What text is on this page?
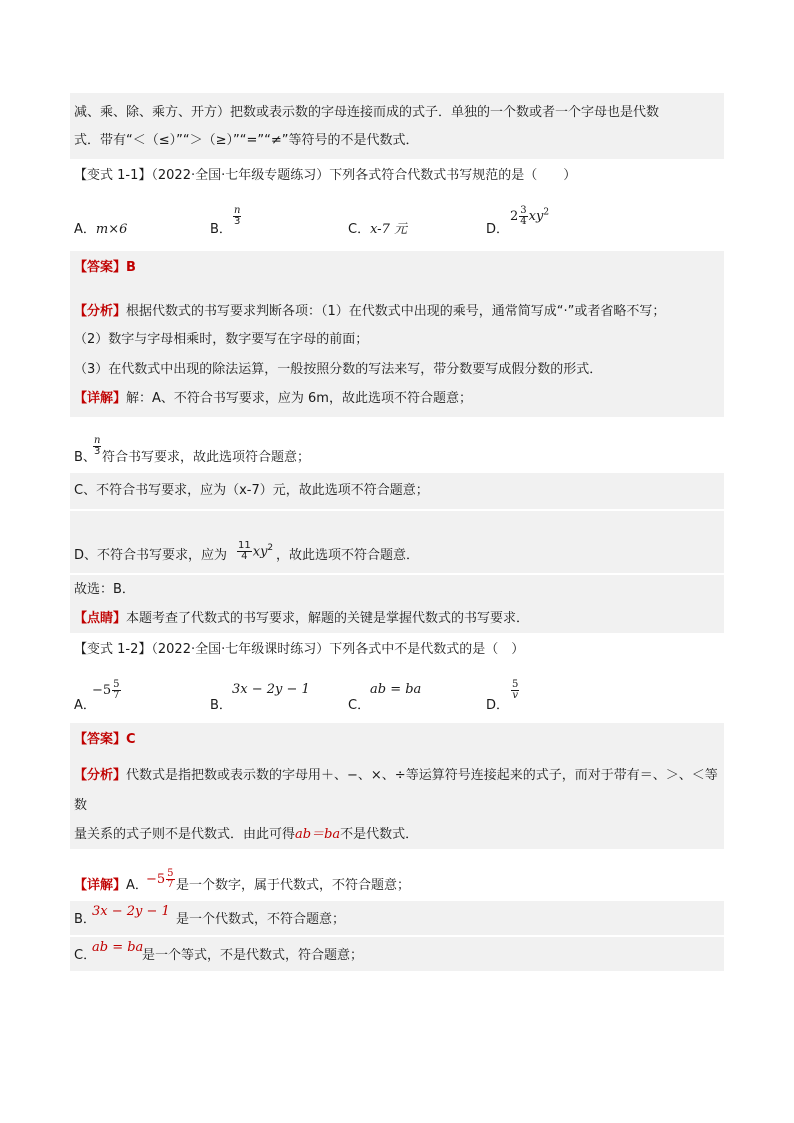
减、乘、除、乘方、开方）把数或表示数的字母连接而成的式子．单独的一个数或者一个字母也是代数
式．带有“＜（≤）”“＞（≥）”“=”“≠”等符号的不是代数式．
【变式 1-1】（2022·全国·七年级专题练习）下列各式符合代数式书写规范的是（　　）
A．m×6	B．
$\frac{n}{3}$
C．x-7 元	D．
$2 \frac{3}{4} xy^2$
【答案】B
【分析】根据代数式的书写要求判断各项：（1）在代数式中出现的乘号，通常简写成“·”或者省略不写；
（2）数字与字母相乘时，数字要写在字母的前面；
（3）在代数式中出现的除法运算，一般按照分数的写法来写，带分数要写成假分数的形式．
【详解】解：A、不符合书写要求，应为 6m，故此选项不符合题意；
B、
$\frac{n}{3}$
符合书写要求，故此选项符合题意；
C、不符合书写要求，应为（x-7）元，故此选项不符合题意；
D、不符合书写要求，应为 $\frac{11}{4} xy^2$
，故此选项不符合题意．
故选：B．
【点睛】本题考查了代数式的书写要求，解题的关键是掌握代数式的书写要求．
【变式 1-2】（2022·全国·七年级课时练习）下列各式中不是代数式的是（　）
A．
$-5 \frac{5}{7}$
B．
3x − 2y − 1
C．
ab = ba
D．
$\frac{5}{v}$
【答案】C
【分析】代数式是指把数或表示数的字母用＋、−、×、÷等运算符号连接起来的式子，而对于带有＝、＞、＜等数
量关系的式子则不是代数式．由此可得ab＝ba不是代数式．
【详解】A．
$-5 \frac{5}{7}$ 是一个数字，属于代数式，不符合题意；
B．
3x − 2y − 1
是一个代数式，不符合题意；
C．
ab = ba
是一个等式，不是代数式，符合题意；
